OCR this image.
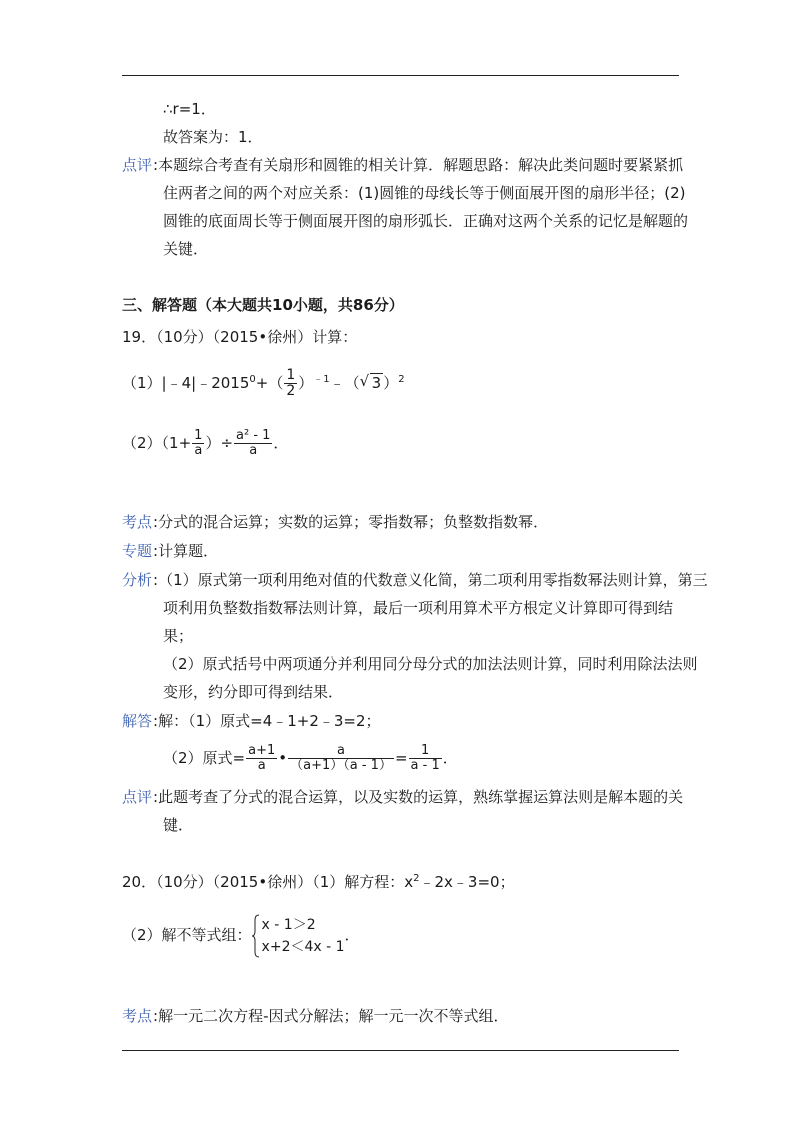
∴r=1．
故答案为：1．
点评:本题综合考查有关扇形和圆锥的相关计算．解题思路：解决此类问题时要紧紧抓
住两者之间的两个对应关系：(1)圆锥的母线长等于侧面展开图的扇形半径；(2)
圆锥的底面周长等于侧面展开图的扇形弧长．正确对这两个关系的记忆是解题的
关键．
三、解答题（本大题共10小题，共86分）
19．（10分）（2015•徐州）计算：
$(1)|﹣4|﹣2015^0+( \frac{1}{2}$ ）$^{﹣1}$﹣（ √ 3 ）$^2$
$(2)(1+ \frac{1}{a}$ ）÷ $\frac{\text{a² - 1}}{a}$ ．
考点:分式的混合运算；实数的运算；零指数幂；负整数指数幂．
专题:计算题．
分析:（1）原式第一项利用绝对值的代数意义化简，第二项利用零指数幂法则计算，第三
项利用负整数指数幂法则计算，最后一项利用算术平方根定义计算即可得到结
果；
（2）原式括号中两项通分并利用同分母分式的加法法则计算，同时利用除法法则
变形，约分即可得到结果．
解答:解：（1）原式=4﹣1+2﹣3=2；
（2）原式= $\frac{a+1}{a}$ • $\frac{a}{(a+1)(a - 1)} = \frac{1}{a - 1}$ ．
点评:此题考查了分式的混合运算，以及实数的运算，熟练掌握运算法则是解本题的关
键．
20．（10分）（2015•徐州）（1）解方程：$x^2﹣2x﹣3=0$；
（2）解不等式组：
x - 1＞2
x+2＜4x - 1
．
考点:解一元二次方程-因式分解法；解一元一次不等式组．
